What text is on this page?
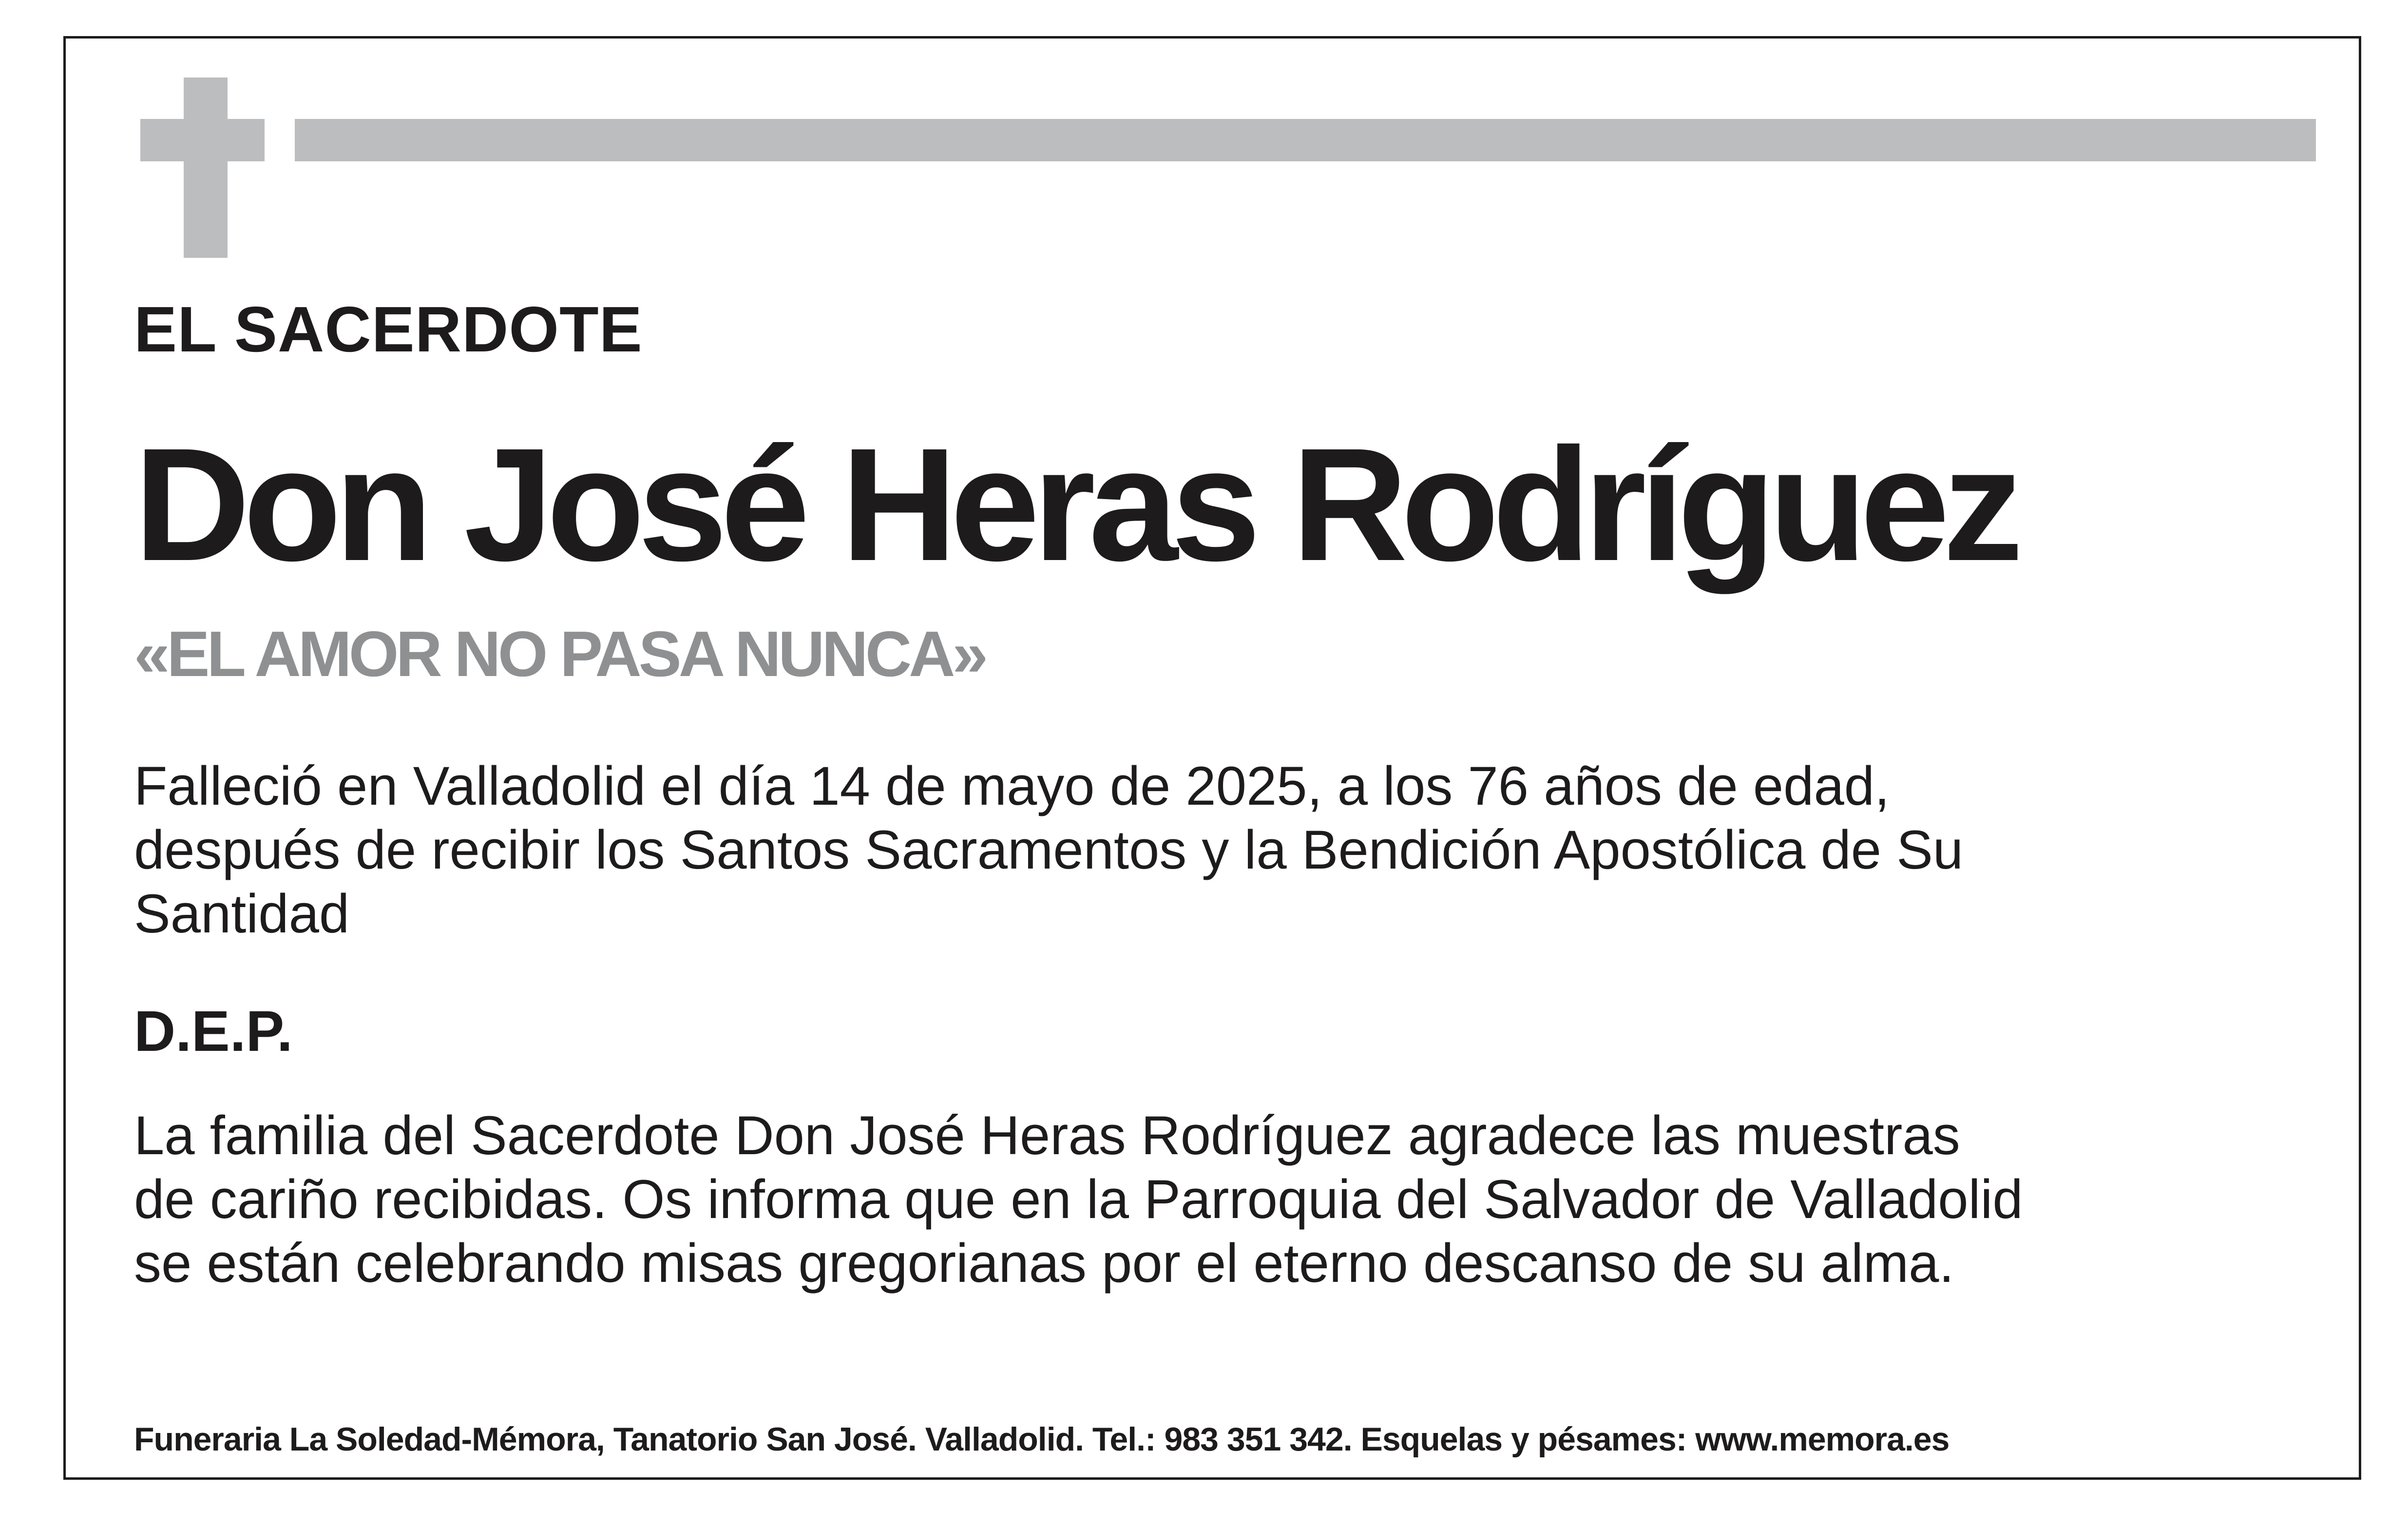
EL SACERDOTE
Don José Heras Rodríguez

«EL AMOR NO PASA NUNCA»

Falleció en Valladolid el día 14 de mayo de 2025, a los 76 años de edad,

después de recibir los Santos Sacramentos y la Bendición Apostólica de Su

Santidad

D.E.P.

La familia del Sacerdote Don José Heras Rodríguez agradece las muestras

de cariño recibidas. Os informa que en la Parroquia del Salvador de Valladolid

se están celebrando misas gregorianas por el eterno descanso de su alma.

Funeraria La Soledad-Mémora, Tanatorio San José. Valladolid. Tel.: 983 351 342. Esquelas y pésames: www.memora.es
